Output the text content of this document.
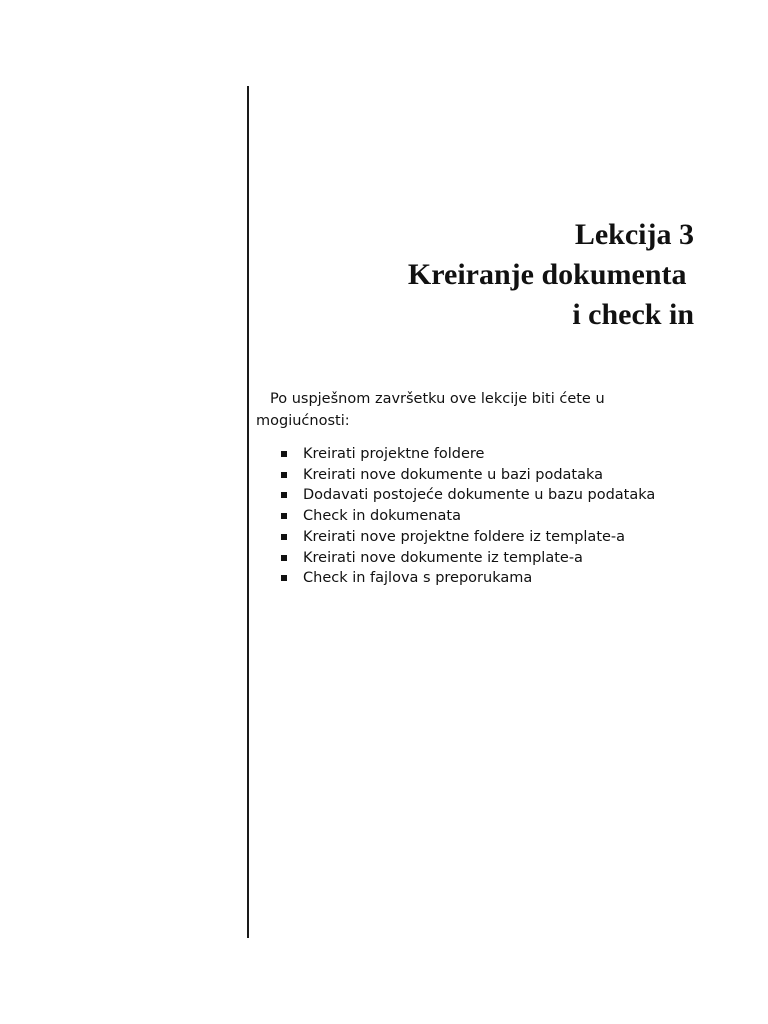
Lekcija 3
Kreiranje dokumenta
i check in
Po uspješnom završetku ove lekcije biti ćete u
mogiućnosti:
Kreirati projektne foldere
Kreirati nove dokumente u bazi podataka
Dodavati postojeće dokumente u bazu podataka
Check in dokumenata
Kreirati nove projektne foldere iz template-a
Kreirati nove dokumente iz template-a
Check in fajlova s preporukama
